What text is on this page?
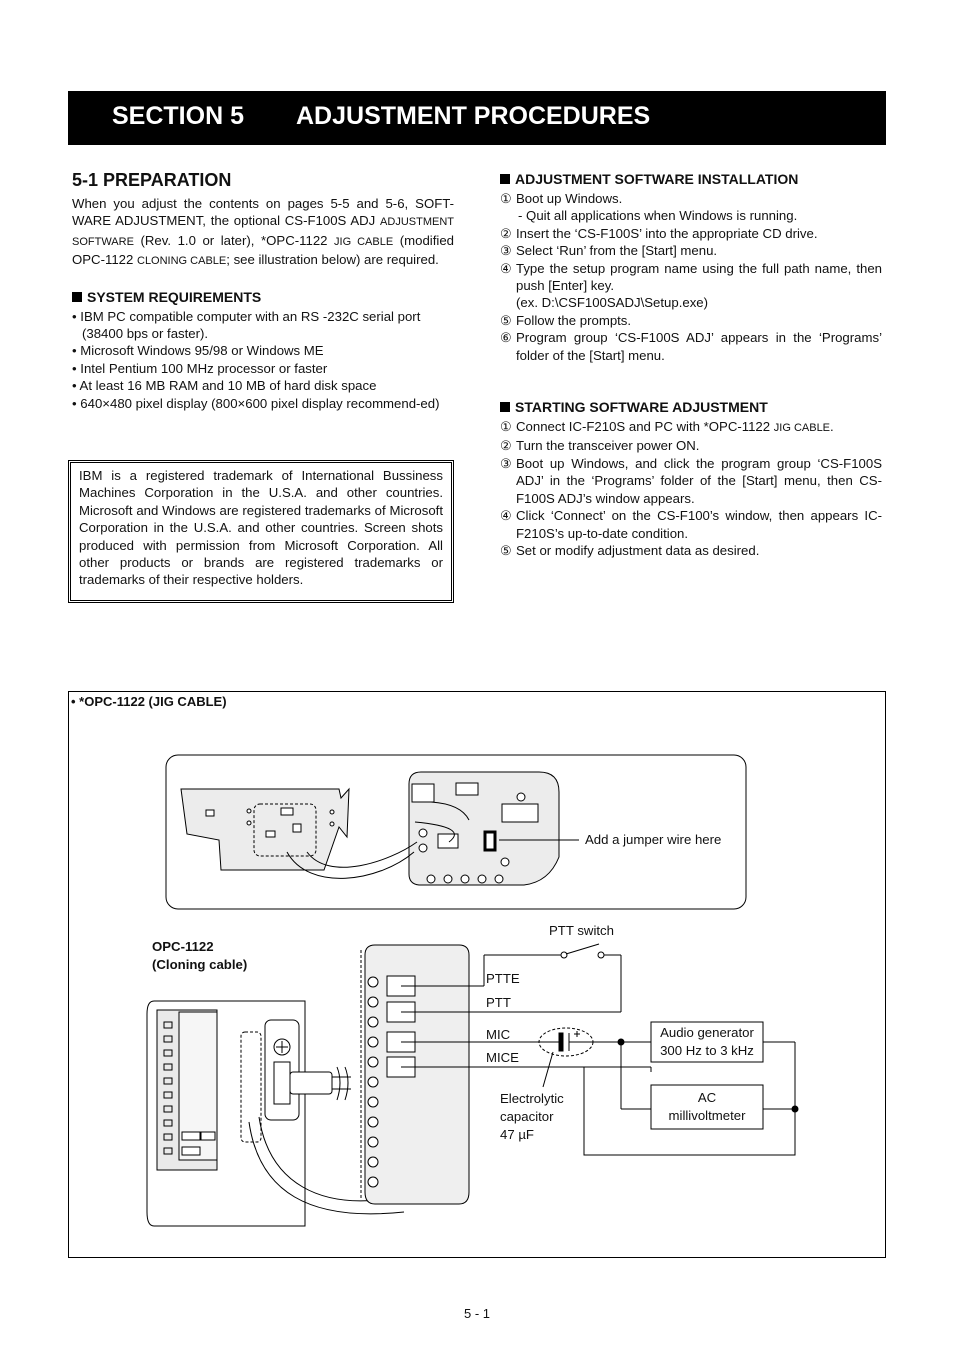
SECTION 5 ADJUSTMENT PROCEDURES
5-1 PREPARATION

When you adjust the contents on pages 5-5 and 5-6, SOFT-WARE ADJUSTMENT, the optional CS-F100S ADJ ADJUSTMENT SOFTWARE (Rev. 1.0 or later), *OPC-1122 JIG CABLE (modified OPC-1122 CLONING CABLE; see illustration below) are required.

SYSTEM REQUIREMENTS

• IBM PC compatible computer with an RS -232C serial port (38400 bps or faster).

• Microsoft Windows 95/98 or Windows ME

• Intel Pentium 100 MHz processor or faster

• At least 16 MB RAM and 10 MB of hard disk space

• 640×480 pixel display (800×600 pixel display recommend-ed)

IBM is a registered trademark of International Bussiness Machines Corporation in the U.S.A. and other countries. Microsoft and Windows are registered trademarks of Microsoft Corporation in the U.S.A. and other countries. Screen shots produced with permission from Microsoft Corporation. All other products or brands are registered trademarks or trademarks of their respective holders.

ADJUSTMENT SOFTWARE INSTALLATION

① Boot up Windows.

- Quit all applications when Windows is running.

② Insert the ‘CS-F100S’ into the appropriate CD drive.

③ Select ‘Run’ from the [Start] menu.

④ Type the setup program name using the full path name, then push [Enter] key.

(ex. D:\CSF100SADJ\Setup.exe)

⑤ Follow the prompts.

⑥ Program group ‘CS-F100S ADJ’ appears in the ‘Programs’ folder of the [Start] menu.

STARTING SOFTWARE ADJUSTMENT

① Connect IC-F210S and PC with *OPC-1122 JIG CABLE.

② Turn the transceiver power ON.

③ Boot up Windows, and click the program group ‘CS-F100S ADJ’ in the ‘Programs’ folder of the [Start] menu, then CS-F100S ADJ’s window appears.

④ Click ‘Connect’ on the CS-F100’s window, then appears IC-F210S’s up-to-date condition.

⑤ Set or modify adjustment data as desired.

• *OPC-1122 (JIG CABLE)
Add a jumper wire here
OPC-1122
(Cloning cable)
PTT switch
PTTE
PTT
MIC
MICE
Audio generator
300 Hz to 3 kHz
AC
millivoltmeter
Electrolytic
capacitor
47 µF
5 - 1
